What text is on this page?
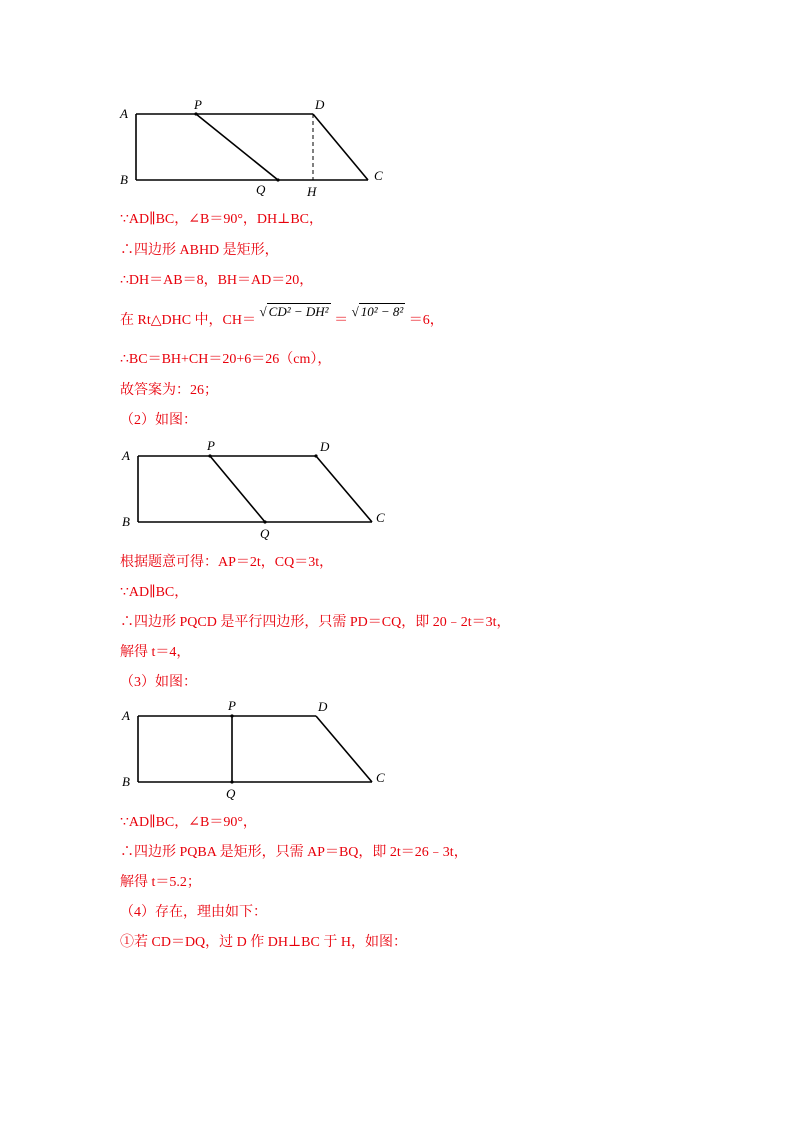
A
B	C
D
P
Q	H
∵AD∥BC，∠B＝90°，DH⊥BC，
∴四边形 ABHD 是矩形，
∴DH＝AB＝8，BH＝AD＝20，
在 Rt△DHC 中，CH＝ √ CD² − DH² ＝ √ 10² − 8² ＝6，
∴BC＝BH+CH＝20+6＝26（cm），
故答案为：26；
（2）如图：
A
B	C
D
P
Q
根据题意可得：AP＝2t，CQ＝3t，
∵AD∥BC，
∴四边形 PQCD 是平行四边形，只需 PD＝CQ，即 20﹣2t＝3t，
解得 t＝4，
（3）如图：
A
B	C
D
P
Q
∵AD∥BC，∠B＝90°，
∴四边形 PQBA 是矩形，只需 AP＝BQ，即 2t＝26﹣3t，
解得 t＝5.2；
（4）存在，理由如下：
①若 CD＝DQ，过 D 作 DH⊥BC 于 H，如图：
